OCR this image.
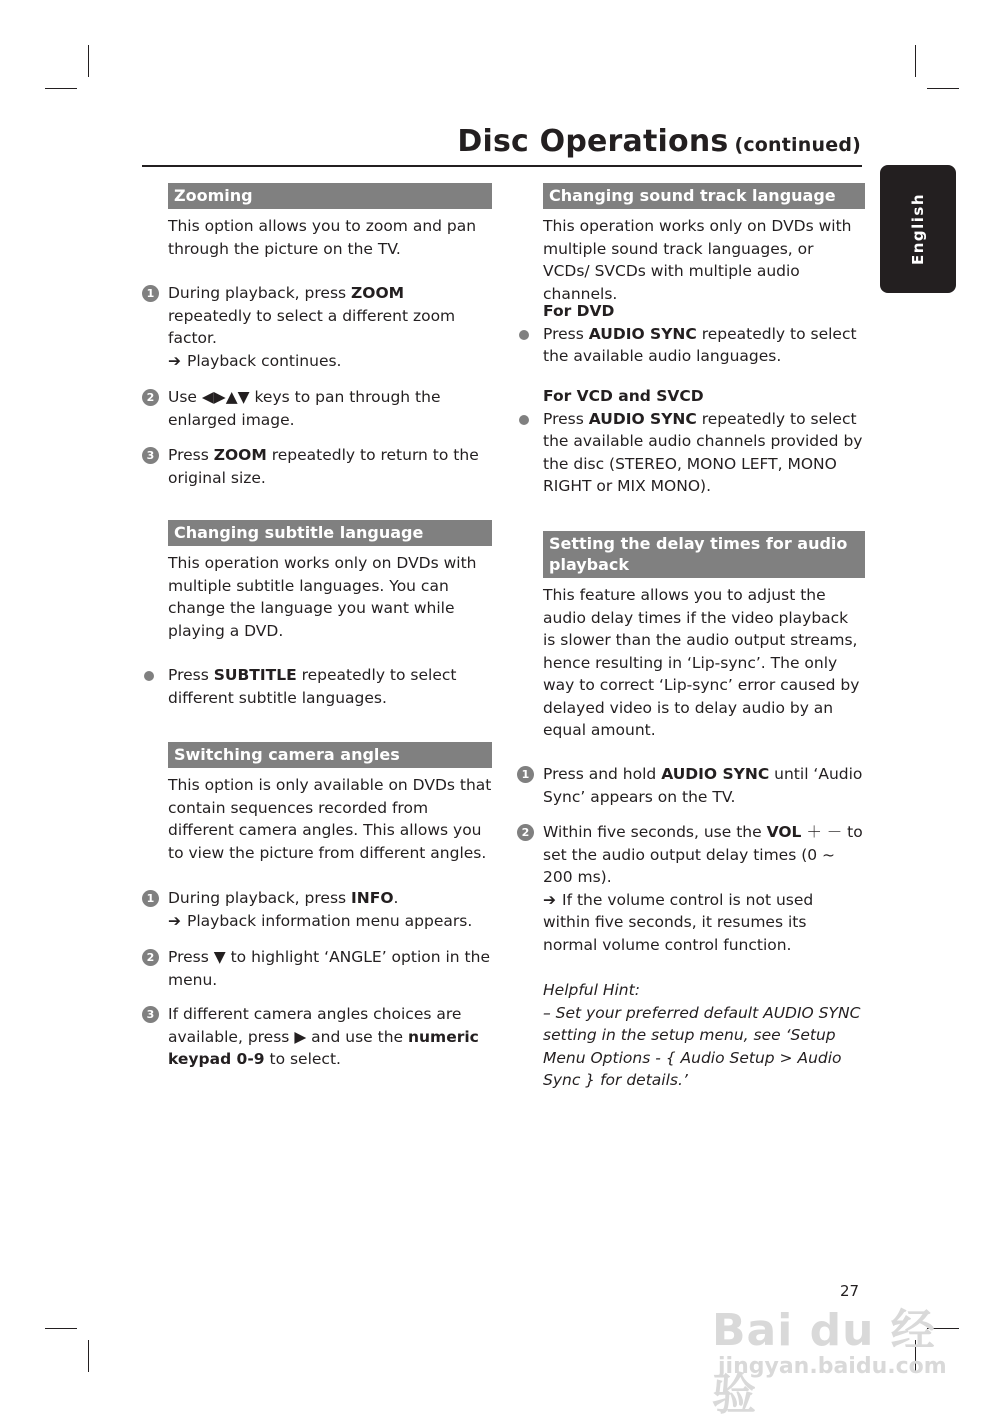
Disc Operations (continued)
English
Zooming
This option allows you to zoom and pan through the picture on the TV.
1 During playback, press ZOOM repeatedly to select a different zoom factor.
➔ Playback continues.
2 Use ◀▶▲▼ keys to pan through the enlarged image.
3 Press ZOOM repeatedly to return to the original size.
Changing subtitle language
This operation works only on DVDs with multiple subtitle languages. You can change the language you want while playing a DVD.
Press SUBTITLE repeatedly to select different subtitle languages.
Switching camera angles
This option is only available on DVDs that contain sequences recorded from different camera angles. This allows you to view the picture from different angles.
1 During playback, press INFO.
➔ Playback information menu appears.
2 Press ▼ to highlight ‘ANGLE’ option in the menu.
3 If different camera angles choices are available, press ▶ and use the numeric keypad 0-9 to select.
Changing sound track language
This operation works only on DVDs with multiple sound track languages, or VCDs/ SVCDs with multiple audio channels.
For DVD
Press AUDIO SYNC repeatedly to select the available audio languages.
For VCD and SVCD
Press AUDIO SYNC repeatedly to select the available audio channels provided by the disc (STEREO, MONO LEFT, MONO RIGHT or MIX MONO).
Setting the delay times for audio playback
This feature allows you to adjust the audio delay times if the video playback is slower than the audio output streams, hence resulting in ‘Lip-sync’. The only way to correct ‘Lip-sync’ error caused by delayed video is to delay audio by an equal amount.
1 Press and hold AUDIO SYNC until ‘Audio Sync’ appears on the TV.
2 Within five seconds, use the VOL ＋ － to set the audio output delay times (0 ~ 200 ms).
➔ If the volume control is not used within five seconds, it resumes its normal volume control function.
Helpful Hint:
– Set your preferred default AUDIO SYNC setting in the setup menu, see ‘Setup Menu Options - { Audio Setup > Audio Sync } for details.’
27
Bai du 经验
jingyan.baidu.com
